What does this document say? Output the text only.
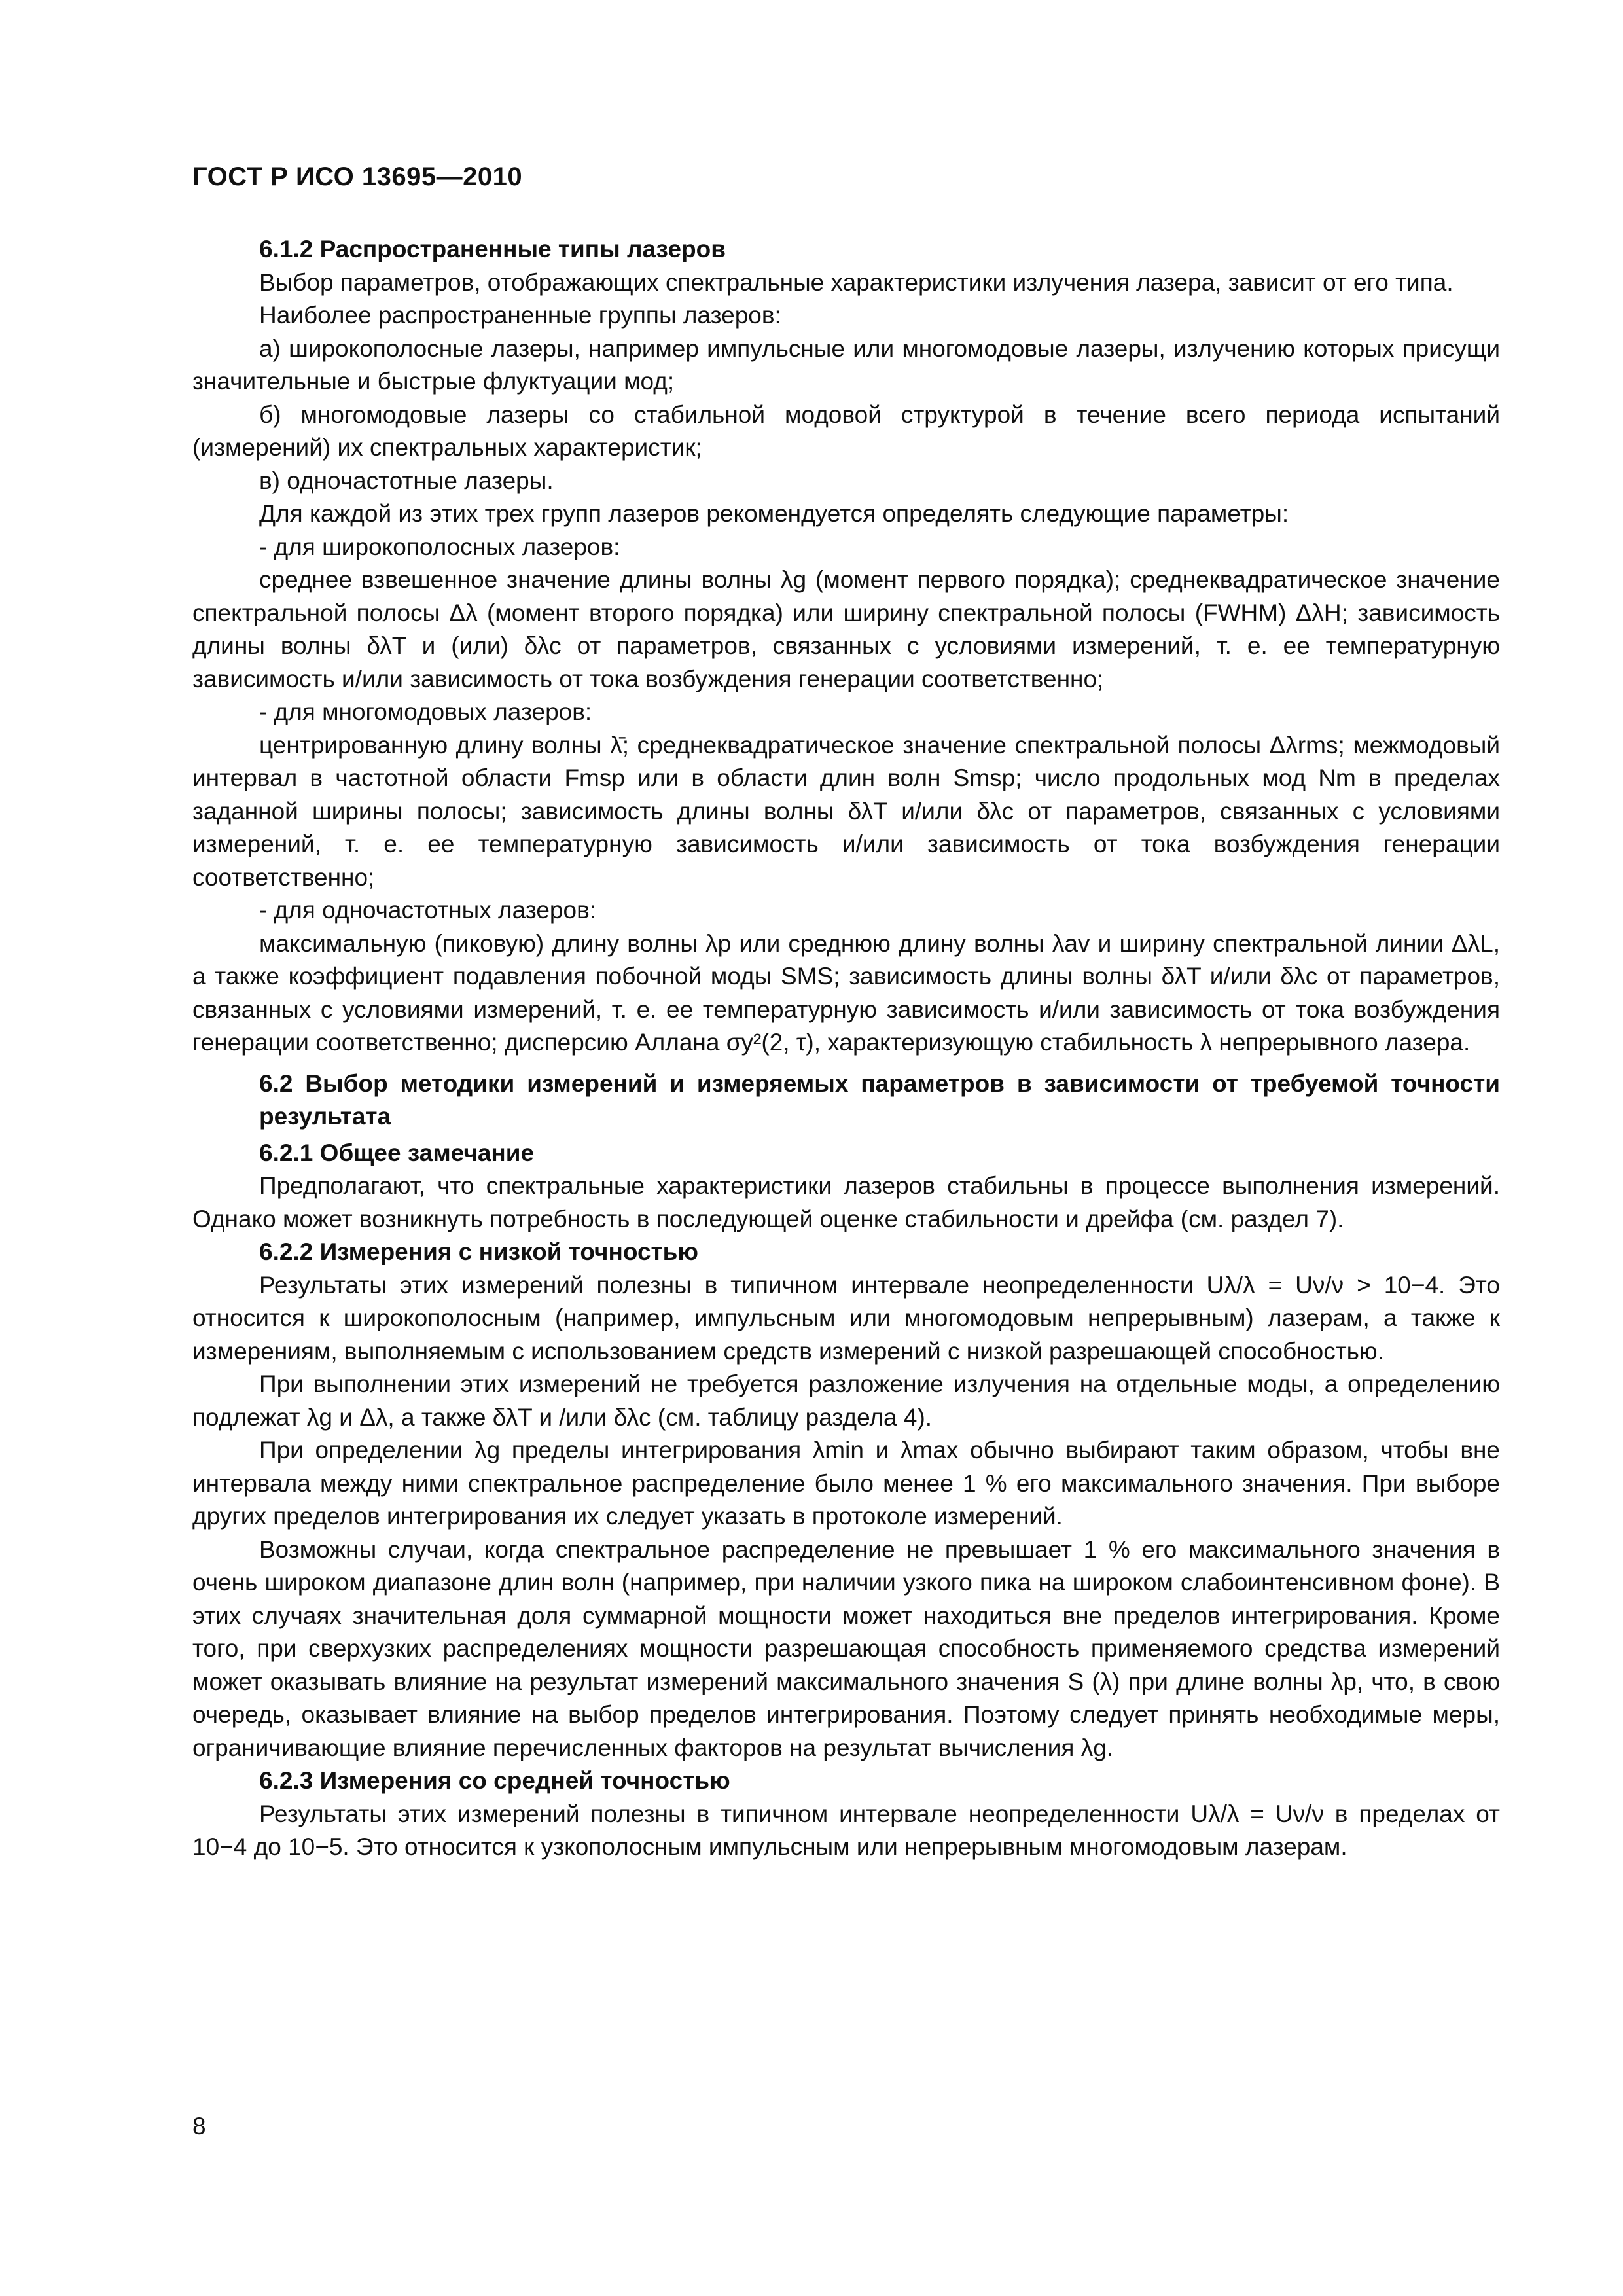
ГОСТ Р ИСО 13695—2010

6.1.2 Распространенные типы лазеров

Выбор параметров, отображающих спектральные характеристики излучения лазера, зависит от его типа.

Наиболее распространенные группы лазеров:

а) широкополосные лазеры, например импульсные или многомодовые лазеры, излучению которых присущи значительные и быстрые флуктуации мод;

б) многомодовые лазеры со стабильной модовой структурой в течение всего периода испытаний (измерений) их спектральных характеристик;

в) одночастотные лазеры.

Для каждой из этих трех групп лазеров рекомендуется определять следующие параметры:

- для широкополосных лазеров:

среднее взвешенное значение длины волны λg (момент первого порядка); среднеквадратическое значение спектральной полосы Δλ (момент второго порядка) или ширину спектральной полосы (FWHM) ΔλH; зависимость длины волны δλT и (или) δλc от параметров, связанных с условиями измерений, т. е. ее температурную зависимость и/или зависимость от тока возбуждения генерации соответственно;

- для многомодовых лазеров:

центрированную длину волны λ̄; среднеквадратическое значение спектральной полосы Δλrms; межмодовый интервал в частотной области Fmsp или в области длин волн Smsp; число продольных мод Nm в пределах заданной ширины полосы; зависимость длины волны δλT и/или δλc от параметров, связанных с условиями измерений, т. е. ее температурную зависимость и/или зависимость от тока возбуждения генерации соответственно;

- для одночастотных лазеров:

максимальную (пиковую) длину волны λp или среднюю длину волны λav и ширину спектральной линии ΔλL, а также коэффициент подавления побочной моды SMS; зависимость длины волны δλT и/или δλc от параметров, связанных с условиями измерений, т. е. ее температурную зависимость и/или зависимость от тока возбуждения генерации соответственно; дисперсию Аллана σy²(2, τ), характеризующую стабильность λ непрерывного лазера.

6.2 Выбор методики измерений и измеряемых параметров в зависимости от требуемой точности результата

6.2.1 Общее замечание

Предполагают, что спектральные характеристики лазеров стабильны в процессе выполнения измерений. Однако может возникнуть потребность в последующей оценке стабильности и дрейфа (см. раздел 7).

6.2.2 Измерения с низкой точностью

Результаты этих измерений полезны в типичном интервале неопределенности Uλ/λ = Uν/ν > 10−4. Это относится к широкополосным (например, импульсным или многомодовым непрерывным) лазерам, а также к измерениям, выполняемым с использованием средств измерений с низкой разрешающей способностью.

При выполнении этих измерений не требуется разложение излучения на отдельные моды, а определению подлежат λg и Δλ, а также δλT и /или δλc (см. таблицу раздела 4).

При определении λg пределы интегрирования λmin и λmax обычно выбирают таким образом, чтобы вне интервала между ними спектральное распределение было менее 1 % его максимального значения. При выборе других пределов интегрирования их следует указать в протоколе измерений.

Возможны случаи, когда спектральное распределение не превышает 1 % его максимального значения в очень широком диапазоне длин волн (например, при наличии узкого пика на широком слабоинтенсивном фоне). В этих случаях значительная доля суммарной мощности может находиться вне пределов интегрирования. Кроме того, при сверхузких распределениях мощности разрешающая способность применяемого средства измерений может оказывать влияние на результат измерений максимального значения S (λ) при длине волны λp, что, в свою очередь, оказывает влияние на выбор пределов интегрирования. Поэтому следует принять необходимые меры, ограничивающие влияние перечисленных факторов на результат вычисления λg.

6.2.3 Измерения со средней точностью

Результаты этих измерений полезны в типичном интервале неопределенности Uλ/λ = Uν/ν в пределах от 10−4 до 10−5. Это относится к узкополосным импульсным или непрерывным многомодовым лазерам.

8
